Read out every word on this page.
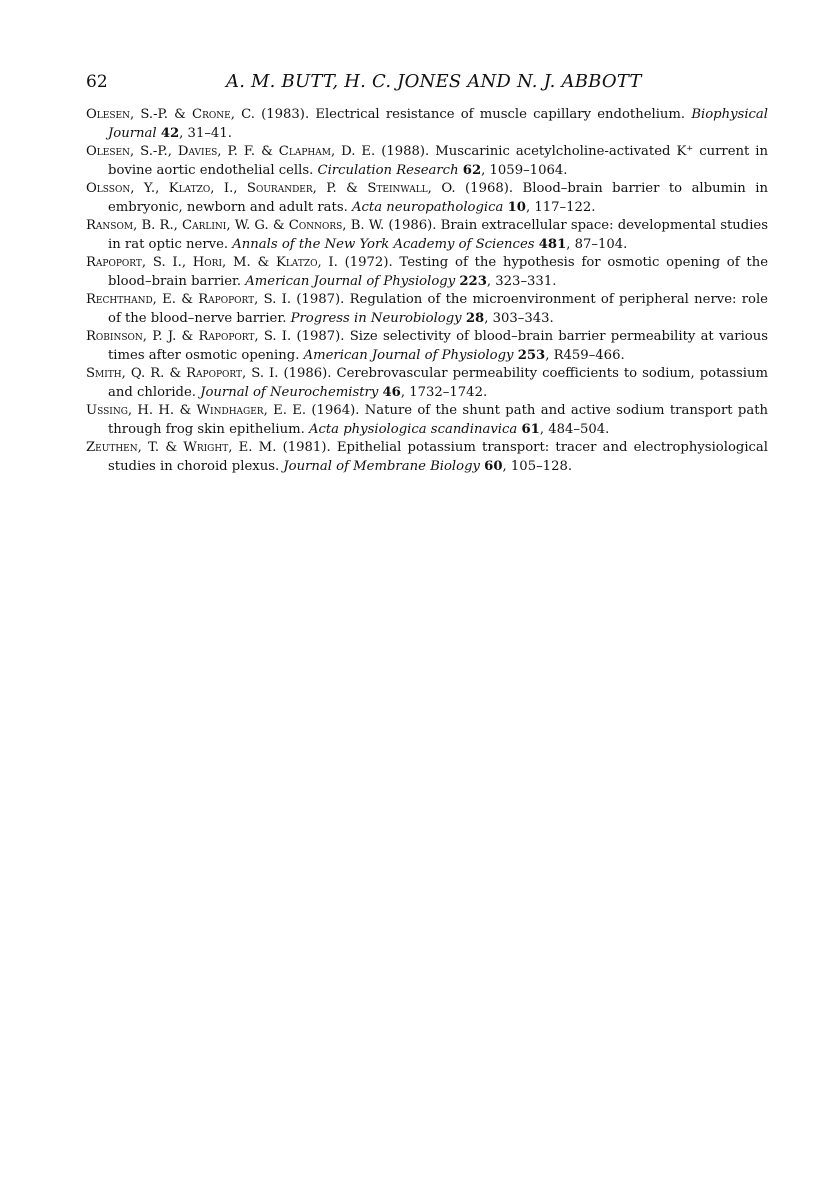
62	A. M. BUTT, H. C. JONES AND N. J. ABBOTT

Olesen, S.-P. & Crone, C. (1983). Electrical resistance of muscle capillary endothelium. Biophysical Journal 42, 31–41.

Olesen, S.-P., Davies, P. F. & Clapham, D. E. (1988). Muscarinic acetylcholine-activated K⁺ current in bovine aortic endothelial cells. Circulation Research 62, 1059–1064.

Olsson, Y., Klatzo, I., Sourander, P. & Steinwall, O. (1968). Blood–brain barrier to albumin in embryonic, newborn and adult rats. Acta neuropathologica 10, 117–122.

Ransom, B. R., Carlini, W. G. & Connors, B. W. (1986). Brain extracellular space: developmental studies in rat optic nerve. Annals of the New York Academy of Sciences 481, 87–104.

Rapoport, S. I., Hori, M. & Klatzo, I. (1972). Testing of the hypothesis for osmotic opening of the blood–brain barrier. American Journal of Physiology 223, 323–331.

Rechthand, E. & Rapoport, S. I. (1987). Regulation of the microenvironment of peripheral nerve: role of the blood–nerve barrier. Progress in Neurobiology 28, 303–343.

Robinson, P. J. & Rapoport, S. I. (1987). Size selectivity of blood–brain barrier permeability at various times after osmotic opening. American Journal of Physiology 253, R459–466.

Smith, Q. R. & Rapoport, S. I. (1986). Cerebrovascular permeability coefficients to sodium, potassium and chloride. Journal of Neurochemistry 46, 1732–1742.

Ussing, H. H. & Windhager, E. E. (1964). Nature of the shunt path and active sodium transport path through frog skin epithelium. Acta physiologica scandinavica 61, 484–504.

Zeuthen, T. & Wright, E. M. (1981). Epithelial potassium transport: tracer and electrophysiological studies in choroid plexus. Journal of Membrane Biology 60, 105–128.
